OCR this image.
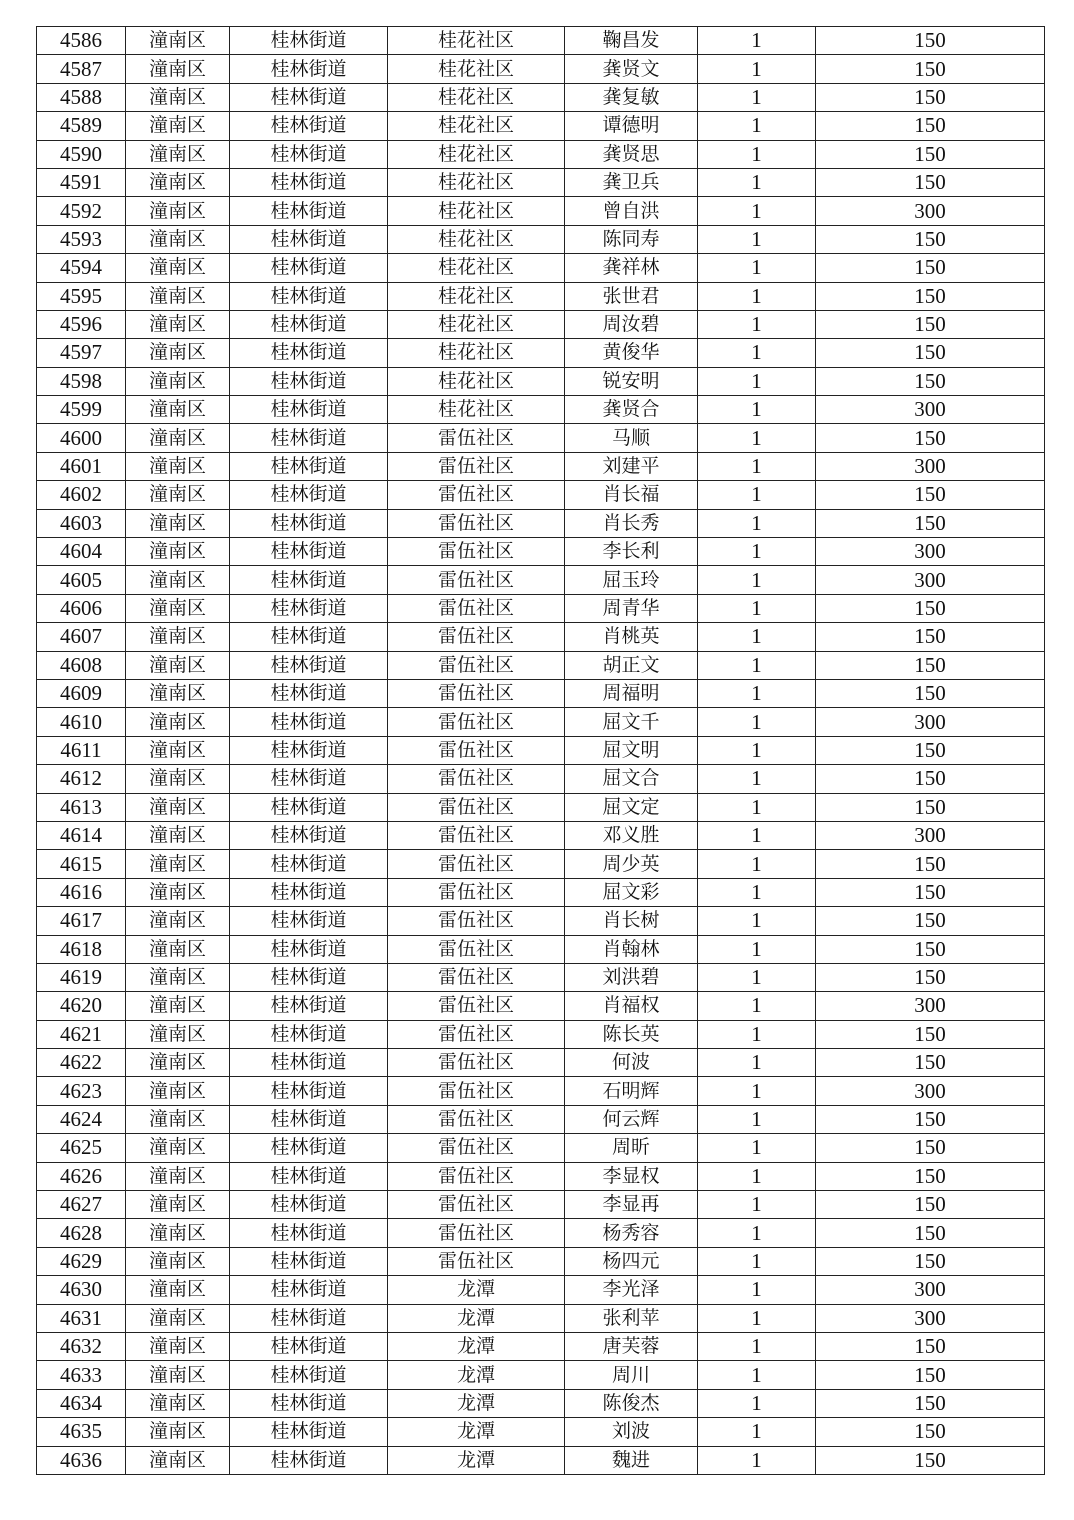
4586	潼南区	桂林街道	桂花社区	鞠昌发	1	150
4587	潼南区	桂林街道	桂花社区	龚贤文	1	150
4588	潼南区	桂林街道	桂花社区	龚复敏	1	150
4589	潼南区	桂林街道	桂花社区	谭德明	1	150
4590	潼南区	桂林街道	桂花社区	龚贤思	1	150
4591	潼南区	桂林街道	桂花社区	龚卫兵	1	150
4592	潼南区	桂林街道	桂花社区	曾自洪	1	300
4593	潼南区	桂林街道	桂花社区	陈同寿	1	150
4594	潼南区	桂林街道	桂花社区	龚祥林	1	150
4595	潼南区	桂林街道	桂花社区	张世君	1	150
4596	潼南区	桂林街道	桂花社区	周汝碧	1	150
4597	潼南区	桂林街道	桂花社区	黄俊华	1	150
4598	潼南区	桂林街道	桂花社区	锐安明	1	150
4599	潼南区	桂林街道	桂花社区	龚贤合	1	300
4600	潼南区	桂林街道	雷伍社区	马顺	1	150
4601	潼南区	桂林街道	雷伍社区	刘建平	1	300
4602	潼南区	桂林街道	雷伍社区	肖长福	1	150
4603	潼南区	桂林街道	雷伍社区	肖长秀	1	150
4604	潼南区	桂林街道	雷伍社区	李长利	1	300
4605	潼南区	桂林街道	雷伍社区	屈玉玲	1	300
4606	潼南区	桂林街道	雷伍社区	周青华	1	150
4607	潼南区	桂林街道	雷伍社区	肖桃英	1	150
4608	潼南区	桂林街道	雷伍社区	胡正文	1	150
4609	潼南区	桂林街道	雷伍社区	周福明	1	150
4610	潼南区	桂林街道	雷伍社区	屈文千	1	300
4611	潼南区	桂林街道	雷伍社区	屈文明	1	150
4612	潼南区	桂林街道	雷伍社区	屈文合	1	150
4613	潼南区	桂林街道	雷伍社区	屈文定	1	150
4614	潼南区	桂林街道	雷伍社区	邓义胜	1	300
4615	潼南区	桂林街道	雷伍社区	周少英	1	150
4616	潼南区	桂林街道	雷伍社区	屈文彩	1	150
4617	潼南区	桂林街道	雷伍社区	肖长树	1	150
4618	潼南区	桂林街道	雷伍社区	肖翰林	1	150
4619	潼南区	桂林街道	雷伍社区	刘洪碧	1	150
4620	潼南区	桂林街道	雷伍社区	肖福权	1	300
4621	潼南区	桂林街道	雷伍社区	陈长英	1	150
4622	潼南区	桂林街道	雷伍社区	何波	1	150
4623	潼南区	桂林街道	雷伍社区	石明辉	1	300
4624	潼南区	桂林街道	雷伍社区	何云辉	1	150
4625	潼南区	桂林街道	雷伍社区	周昕	1	150
4626	潼南区	桂林街道	雷伍社区	李显权	1	150
4627	潼南区	桂林街道	雷伍社区	李显再	1	150
4628	潼南区	桂林街道	雷伍社区	杨秀容	1	150
4629	潼南区	桂林街道	雷伍社区	杨四元	1	150
4630	潼南区	桂林街道	龙潭	李光泽	1	300
4631	潼南区	桂林街道	龙潭	张利苹	1	300
4632	潼南区	桂林街道	龙潭	唐芙蓉	1	150
4633	潼南区	桂林街道	龙潭	周川	1	150
4634	潼南区	桂林街道	龙潭	陈俊杰	1	150
4635	潼南区	桂林街道	龙潭	刘波	1	150
4636	潼南区	桂林街道	龙潭	魏进	1	150
